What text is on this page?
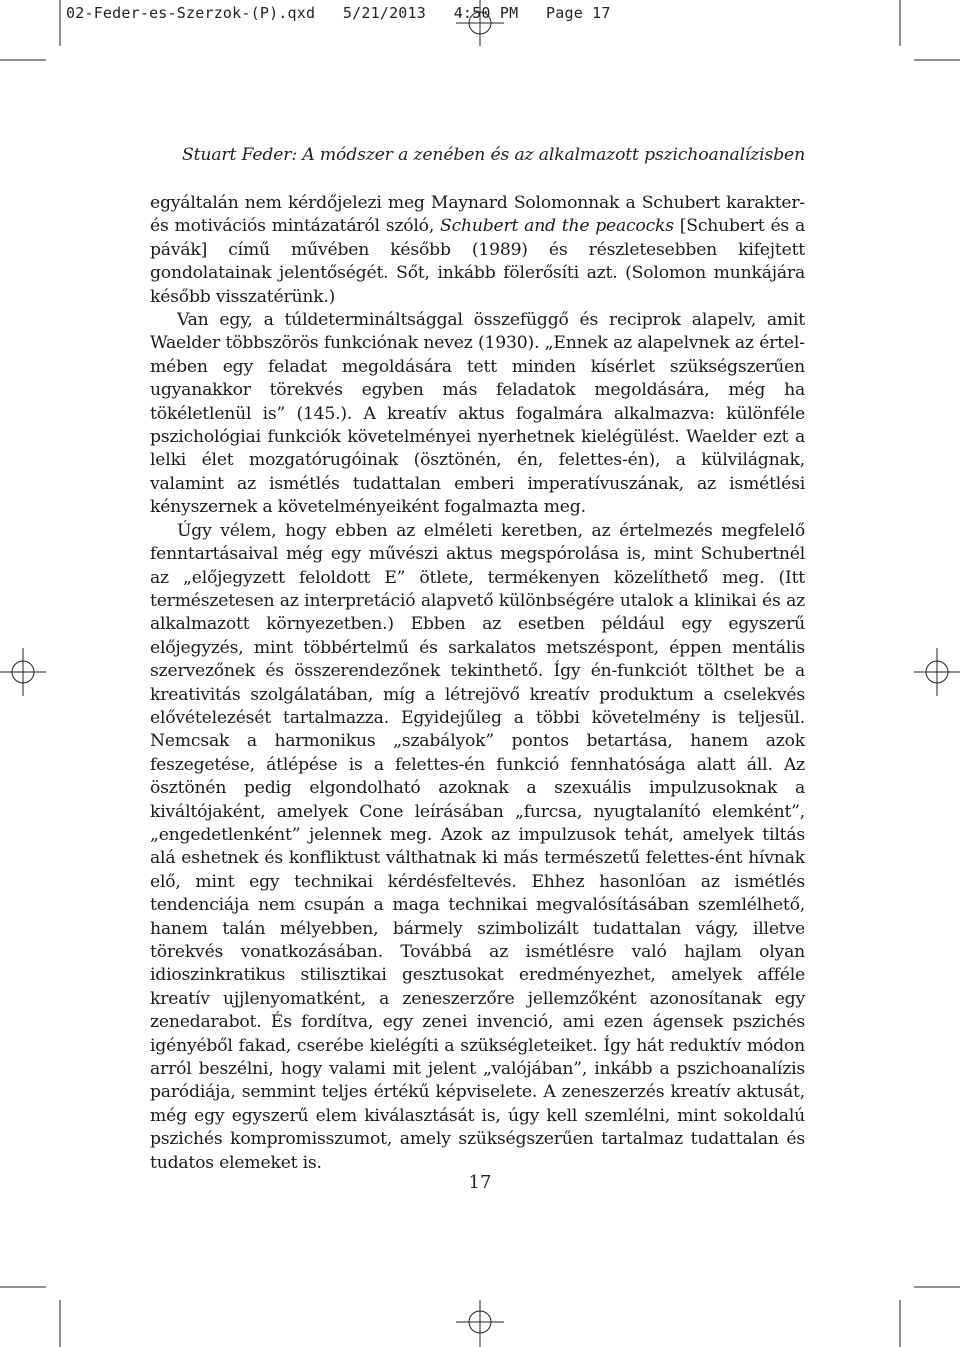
02-Feder-es-Szerzok-(P).qxd   5/21/2013   4:50 PM   Page 17
Stuart Feder: A módszer a zenében és az alkalmazott pszichoanalízisben

egyáltalán nem kérdőjelezi meg Maynard Solomonnak a Schubert karakter- és motivációs mintázatáról szóló, Schubert and the peacocks [Schubert és a pávák] című művében később (1989) és részletesebben kifejtett gondolatainak jelentőségét. Sőt, inkább fölerősíti azt. (Solomon munkájára később visszatérünk.)

Van egy, a túldetermináltsággal összefüggő és reciprok alapelv, amit Waelder többszörös funkciónak nevez (1930). „Ennek az alapelvnek az értelmében egy feladat megoldására tett minden kísérlet szükségszerűen ugyanakkor törekvés egyben más feladatok megoldására, még ha tökéletlenül is” (145.). A kreatív aktus fogalmára alkalmazva: különféle pszichológiai funkciók követelményei nyerhetnek kielégülést. Waelder ezt a lelki élet mozgatórugóinak (ösztönén, én, felettes-én), a külvilágnak, valamint az ismétlés tudattalan emberi imperatívuszának, az ismétlési kényszernek a követelményeiként fogalmazta meg.

Úgy vélem, hogy ebben az elméleti keretben, az értelmezés megfelelő fenntartásaival még egy művészi aktus megspórolása is, mint Schubertnél az „előjegyzett feloldott E” ötlete, termékenyen közelíthető meg. (Itt természetesen az interpretáció alapvető különbségére utalok a klinikai és az alkalmazott környezetben.) Ebben az esetben például egy egyszerű előjegyzés, mint többértelmű és sarkalatos metszéspont, éppen mentális szervezőnek és összerendezőnek tekinthető. Így én-funkciót tölthet be a kreativitás szolgálatában, míg a létrejövő kreatív produktum a cselekvés elővételezését tartalmazza. Egyidejűleg a többi követelmény is teljesül. Nemcsak a harmonikus „szabályok” pontos betartása, hanem azok feszegetése, átlépése is a felettes-én funkció fennhatósága alatt áll. Az ösztönén pedig elgondolható azoknak a szexuális impulzusoknak a kiváltójaként, amelyek Cone leírásában „furcsa, nyugtalanító elemként”, „engedetlenként” jelennek meg. Azok az impulzusok tehát, amelyek tiltás alá eshetnek és konfliktust válthatnak ki más természetű felettes-ént hívnak elő, mint egy technikai kérdésfeltevés. Ehhez hasonlóan az ismétlés tendenciája nem csupán a maga technikai megvalósításában szemlélhető, hanem talán mélyebben, bármely szimbolizált tudattalan vágy, illetve törekvés vonatkozásában. Továbbá az ismétlésre való hajlam olyan idioszinkratikus stilisztikai gesztusokat eredményezhet, amelyek afféle kreatív ujjlenyomatként, a zeneszerzőre jellemzőként azonosítanak egy zenedarabot. És fordítva, egy zenei invenció, ami ezen ágensek pszichés igényéből fakad, cserébe kielégíti a szükségleteiket. Így hát reduktív módon arról beszélni, hogy valami mit jelent „valójában”, inkább a pszichoanalízis paródiája, semmint teljes értékű képviselete. A zeneszerzés kreatív aktusát, még egy egyszerű elem kiválasztását is, úgy kell szemlélni, mint sokoldalú pszichés kompromisszumot, amely szükségszerűen tartalmaz tudattalan és tudatos elemeket is.

17
